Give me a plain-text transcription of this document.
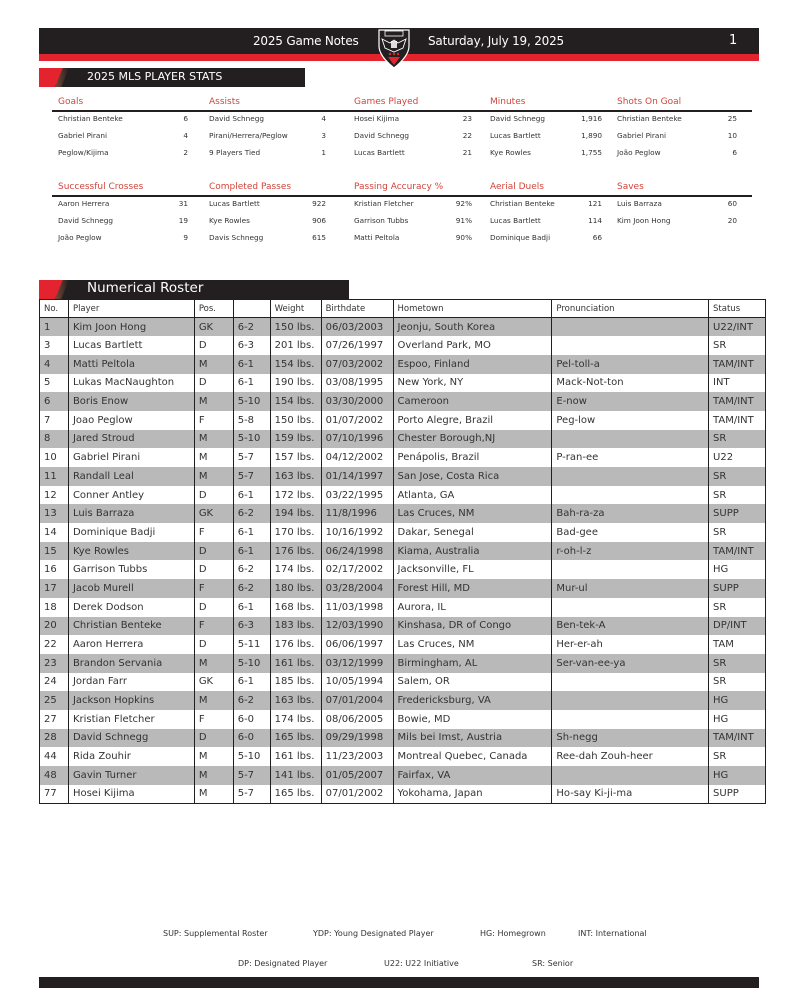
2025 Game Notes	Saturday, July 19, 2025	1
2025 MLS PLAYER STATS
Goals
Christian Benteke	6
Gabriel Pirani	4
Peglow/Kijima	2
Assists
David Schnegg	4
Pirani/Herrera/Peglow	3
9 Players Tied	1
Games Played
Hosei Kijima	23
David Schnegg	22
Lucas Bartlett	21
Minutes
David Schnegg	1,916
Lucas Bartlett	1,890
Kye Rowles	1,755
Shots On Goal
Christian Benteke	25
Gabriel Pirani	10
João Peglow	6
Successful Crosses
Aaron Herrera	31
David Schnegg	19
João Peglow	9
Completed Passes
Lucas Bartlett	922
Kye Rowles	906
Davis Schnegg	615
Passing Accuracy %
Kristian Fletcher	92%
Garrison Tubbs	91%
Matti Peltola	90%
Aerial Duels
Christian Benteke	121
Lucas Bartlett	114
Dominique Badji	66
Saves
Luis Barraza	60
Kim Joon Hong	20
Numerical Roster
No.	Player	Pos.		Weight	Birthdate	Hometown	Pronunciation	Status
1	Kim Joon Hong	GK	6-2	150 lbs.	06/03/2003	Jeonju, South Korea		U22/INT
3	Lucas Bartlett	D	6-3	201 lbs.	07/26/1997	Overland Park, MO		SR
4	Matti Peltola	M	6-1	154 lbs.	07/03/2002	Espoo, Finland	Pel-toll-a	TAM/INT
5	Lukas MacNaughton	D	6-1	190 lbs.	03/08/1995	New York, NY	Mack-Not-ton	INT
6	Boris Enow	M	5-10	154 lbs.	03/30/2000	Cameroon	E-now	TAM/INT
7	Joao Peglow	F	5-8	150 lbs.	01/07/2002	Porto Alegre, Brazil	Peg-low	TAM/INT
8	Jared Stroud	M	5-10	159 lbs.	07/10/1996	Chester Borough,NJ		SR
10	Gabriel Pirani	M	5-7	157 lbs.	04/12/2002	Penápolis, Brazil	P-ran-ee	U22
11	Randall Leal	M	5-7	163 lbs.	01/14/1997	San Jose, Costa Rica		SR
12	Conner Antley	D	6-1	172 lbs.	03/22/1995	Atlanta, GA		SR
13	Luis Barraza	GK	6-2	194 lbs.	11/8/1996	Las Cruces, NM	Bah-ra-za	SUPP
14	Dominique Badji	F	6-1	170 lbs.	10/16/1992	Dakar, Senegal	Bad-gee	SR
15	Kye Rowles	D	6-1	176 lbs.	06/24/1998	Kiama, Australia	r-oh-l-z	TAM/INT
16	Garrison Tubbs	D	6-2	174 lbs.	02/17/2002	Jacksonville, FL		HG
17	Jacob Murell	F	6-2	180 lbs.	03/28/2004	Forest Hill, MD	Mur-ul	SUPP
18	Derek Dodson	D	6-1	168 lbs.	11/03/1998	Aurora, IL		SR
20	Christian Benteke	F	6-3	183 lbs.	12/03/1990	Kinshasa, DR of Congo	Ben-tek-A	DP/INT
22	Aaron Herrera	D	5-11	176 lbs.	06/06/1997	Las Cruces, NM	Her-er-ah	TAM
23	Brandon Servania	M	5-10	161 lbs.	03/12/1999	Birmingham, AL	Ser-van-ee-ya	SR
24	Jordan Farr	GK	6-1	185 lbs.	10/05/1994	Salem, OR		SR
25	Jackson Hopkins	M	6-2	163 lbs.	07/01/2004	Fredericksburg, VA		HG
27	Kristian Fletcher	F	6-0	174 lbs.	08/06/2005	Bowie, MD		HG
28	David Schnegg	D	6-0	165 lbs.	09/29/1998	Mils bei Imst, Austria	Sh-negg	TAM/INT
44	Rida Zouhir	M	5-10	161 lbs.	11/23/2003	Montreal Quebec, Canada	Ree-dah Zouh-heer	SR
48	Gavin Turner	M	5-7	141 lbs.	01/05/2007	Fairfax, VA		HG
77	Hosei Kijima	M	5-7	165 lbs.	07/01/2002	Yokohama, Japan	Ho-say Ki-ji-ma	SUPP
SUP: Supplemental Roster	YDP: Young Designated Player	HG: Homegrown	INT: International
DP: Designated Player	U22: U22 Initiative	SR: Senior
